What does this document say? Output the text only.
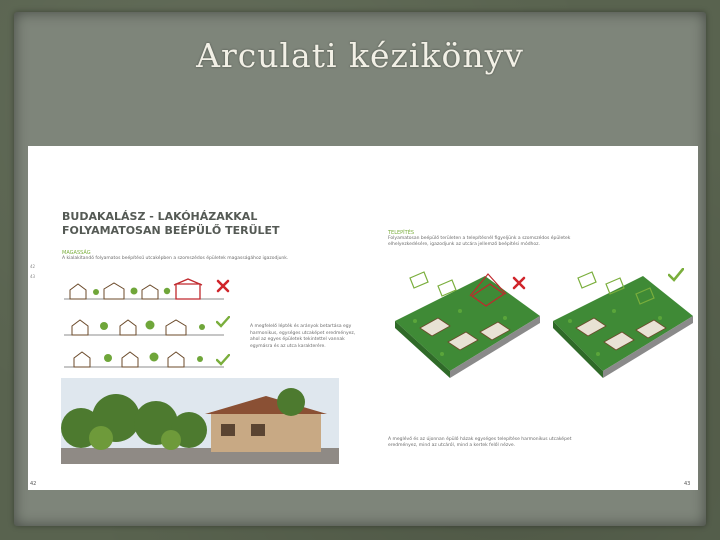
Arculati kézikönyv
BUDAKALÁSZ - LAKÓHÁZAKKAL
FOLYAMATOSAN BEÉPÜLŐ TERÜLET
42
43
MAGASSÁG
A kialakítandó folyamatos beépítésű utcaképben a szomszédos épületek magasságához igazodjunk.
A megfelelő lépték és arányok betartása egy harmonikus, egységes utcaképet eredményez, ahol az egyes épületek tekintettel vannak egymásra és az utca karakterére.
TELEPÍTÉS
Folyamatosan beépülő területen a telepítésnél figyeljünk a szomszédos épületek elhelyezkedésére, igazodjunk az utcára jellemző beépítési módhoz.
A meglévő és az újonnan épülő házak egységes telepítése harmonikus utcaképet eredményez, mind az utcáról, mind a kertek felől nézve.
42	43
